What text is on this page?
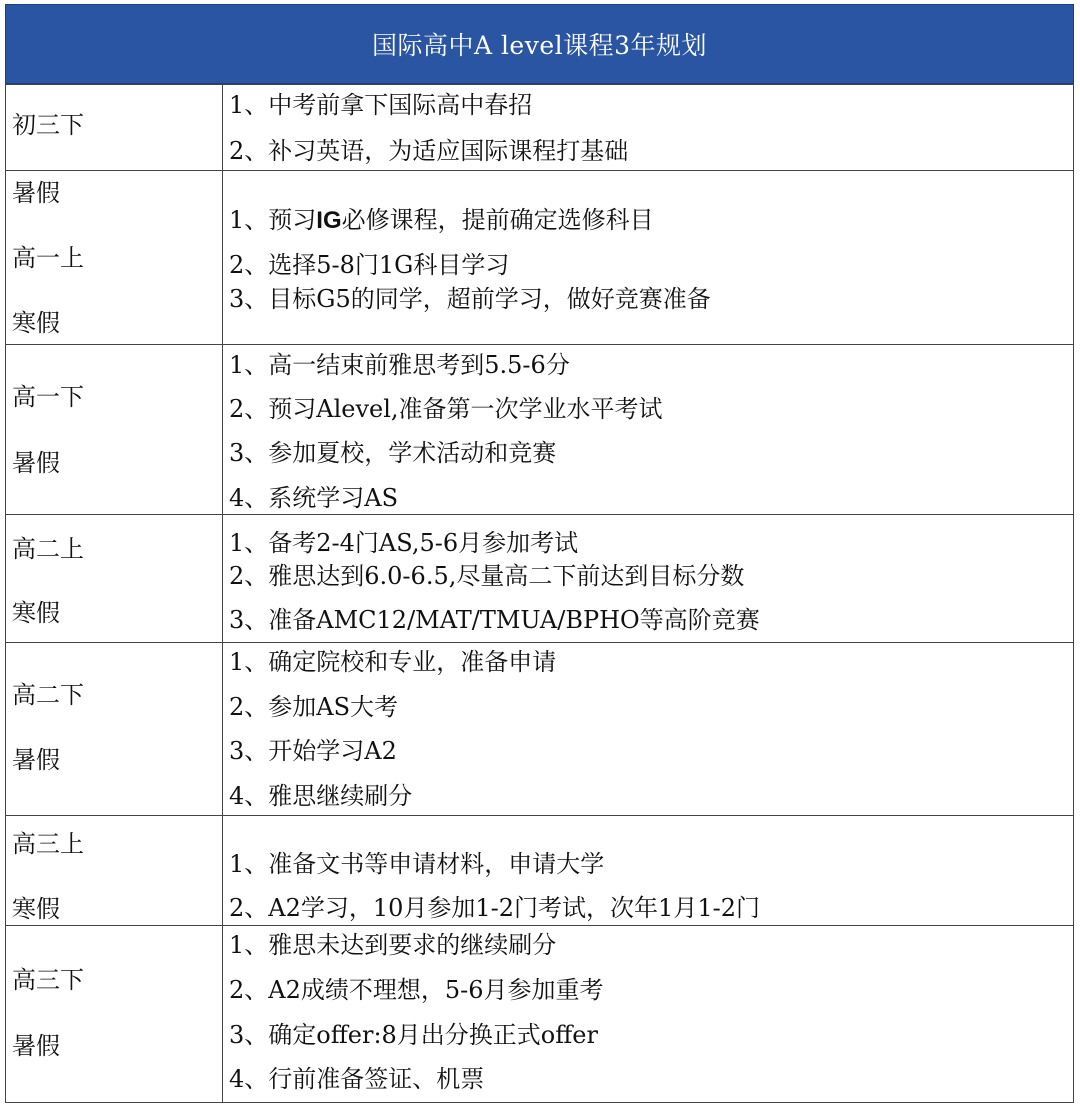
国际高中A level课程3年规划
初三下	1、中考前拿下国际高中春招
2、补习英语，为适应国际课程打基础

暑假
高一上
寒假	1、预习IG必修课程，提前确定选修科目
2、选择5-8门1G科目学习
3、目标G5的同学，超前学习，做好竞赛准备

高一下
暑假	1、高一结束前雅思考到5.5-6分
2、预习Alevel,准备第一次学业水平考试
3、参加夏校，学术活动和竞赛
4、系统学习AS

高二上
寒假	1、备考2-4门AS,5-6月参加考试
2、雅思达到6.0-6.5,尽量高二下前达到目标分数
3、准备AMC12/MAT/TMUA/BPHO等高阶竞赛

高二下
暑假	1、确定院校和专业，准备申请
2、参加AS大考
3、开始学习A2
4、雅思继续刷分

高三上
寒假	1、准备文书等申请材料，申请大学
2、A2学习，10月参加1-2门考试，次年1月1-2门

高三下
暑假	1、雅思未达到要求的继续刷分
2、A2成绩不理想，5-6月参加重考
3、确定offer:8月出分换正式offer
4、行前准备签证、机票
